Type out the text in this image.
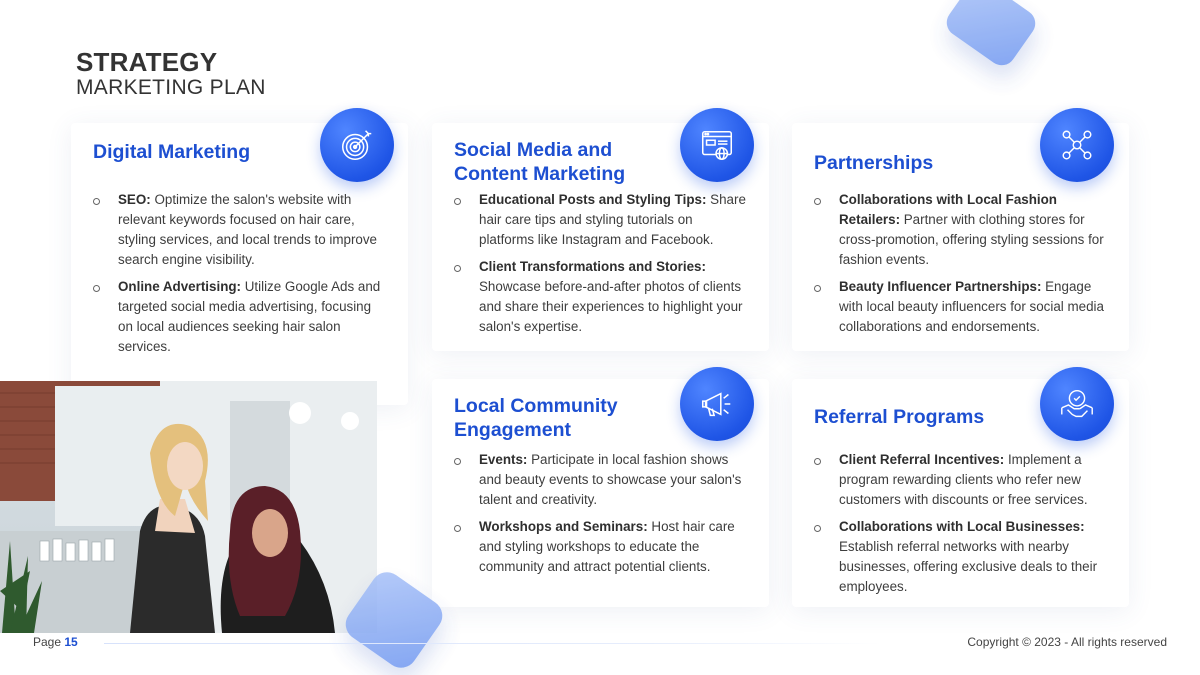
STRATEGY
MARKETING PLAN
Digital Marketing
SEO: Optimize the salon's website with relevant keywords focused on hair care, styling services, and local trends to improve search engine visibility.
Online Advertising: Utilize Google Ads and targeted social media advertising, focusing on local audiences seeking hair salon services.
Social Media and Content Marketing
Educational Posts and Styling Tips: Share hair care tips and styling tutorials on platforms like Instagram and Facebook.
Client Transformations and Stories: Showcase before-and-after photos of clients and share their experiences to highlight your salon's expertise.
Partnerships
Collaborations with Local Fashion Retailers: Partner with clothing stores for cross-promotion, offering styling sessions for fashion events.
Beauty Influencer Partnerships: Engage with local beauty influencers for social media collaborations and endorsements.
Local Community Engagement
Events: Participate in local fashion shows and beauty events to showcase your salon's talent and creativity.
Workshops and Seminars: Host hair care and styling workshops to educate the community and attract potential clients.
Referral Programs
Client Referral Incentives: Implement a program rewarding clients who refer new customers with discounts or free services.
Collaborations with Local Businesses: Establish referral networks with nearby businesses, offering exclusive deals to their employees.
Page 15	Copyright © 2023 - All rights reserved
